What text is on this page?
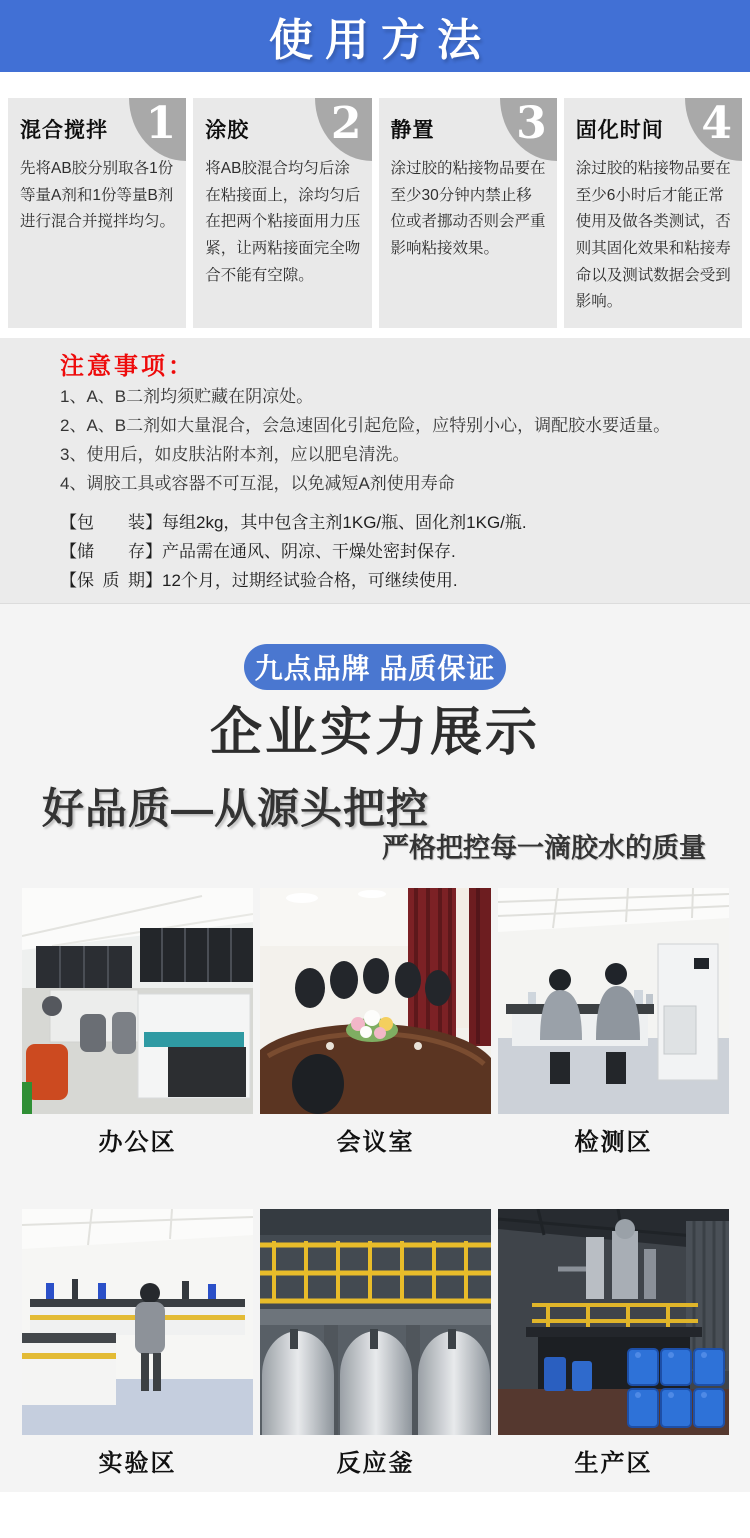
使用方法
1
混合搅拌
先将AB胶分别取各1份等量A剂和1份等量B剂进行混合并搅拌均匀。
2
涂胶
将AB胶混合均匀后涂在粘接面上，涂均匀后在把两个粘接面用力压紧，让两粘接面完全吻合不能有空隙。
3
静置
涂过胶的粘接物品要在至少30分钟内禁止移位或者挪动否则会严重影响粘接效果。
4
固化时间
涂过胶的粘接物品要在至少6小时后才能正常使用及做各类测试，否则其固化效果和粘接寿命以及测试数据会受到影响。
注意事项：
1、A、B二剂均须贮藏在阴凉处。
2、A、B二剂如大量混合，会急速固化引起危险，应特别小心，调配胶水要适量。
3、使用后，如皮肤沾附本剂，应以肥皂清洗。
4、调胶工具或容器不可互混，以免减短A剂使用寿命
【包　　装】每组2kg，其中包含主剂1KG/瓶、固化剂1KG/瓶.
【储　　存】产品需在通风、阴凉、干燥处密封保存.
【保 质 期】12个月，过期经试验合格，可继续使用.
九点品牌 品质保证
企业实力展示
好品质—从源头把控
严格把控每一滴胶水的质量
办公区	会议室	检测区
实验区	反应釜	生产区
